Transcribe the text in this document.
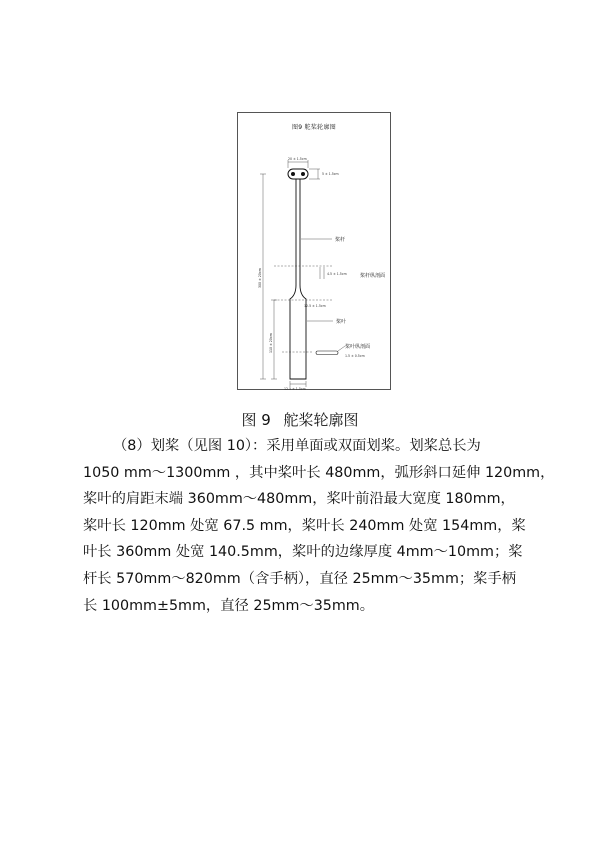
图9 舵桨轮廓图
20 ± 1.5cm
5 ± 1.5cm
300 ± 20cm
桨杆
4.5 ± 1.5cm	桨杆纵剖面
12.5 ± 1.5cm
桨叶
110 ± 20cm	桨叶纵剖面
1.5 ± 0.5cm
12.5 ± 1.5cm
图 9 舵桨轮廓图

（8）划桨（见图 10）：采用单面或双面划桨。划桨总长为

1050 mm～1300mm ，其中桨叶长 480mm，弧形斜口延伸 120mm，

桨叶的肩距末端 360mm～480mm，桨叶前沿最大宽度 180mm，

桨叶长 120mm 处宽 67.5 mm，桨叶长 240mm 处宽 154mm，桨

叶长 360mm 处宽 140.5mm，桨叶的边缘厚度 4mm～10mm；桨

杆长 570mm～820mm（含手柄），直径 25mm～35mm；桨手柄

长 100mm±5mm，直径 25mm～35mm。
